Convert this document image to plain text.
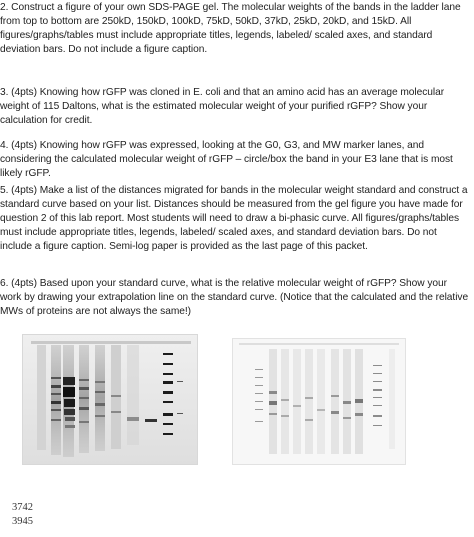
2. Construct a figure of your own SDS-PAGE gel. The molecular weights of the bands in the ladder lane from top to bottom are 250kD, 150kD, 100kD, 75kD, 50kD, 37kD, 25kD, 20kD, and 15kD. All figures/graphs/tables must include appropriate titles, legends, labeled/ scaled axes, and standard deviation bars. Do not include a figure caption.
3. (4pts) Knowing how rGFP was cloned in E. coli and that an amino acid has an average molecular weight of 115 Daltons, what is the estimated molecular weight of your purified rGFP? Show your calculation for credit.
4. (4pts) Knowing how rGFP was expressed, looking at the G0, G3, and MW marker lanes, and considering the calculated molecular weight of rGFP – circle/box the band in your E3 lane that is most likely rGFP.
5. (4pts) Make a list of the distances migrated for bands in the molecular weight standard and construct a standard curve based on your list. Distances should be measured from the gel figure you have made for question 2 of this lab report. Most students will need to draw a bi-phasic curve. All figures/graphs/tables must include appropriate titles, legends, labeled/ scaled axes, and standard deviation bars. Do not include a figure caption. Semi-log paper is provided as the last page of this packet.
6. (4pts) Based upon your standard curve, what is the relative molecular weight of rGFP? Show your work by drawing your extrapolation line on the standard curve. (Notice that the calculated and the relative MWs of proteins are not always the same!)
3742
3945
